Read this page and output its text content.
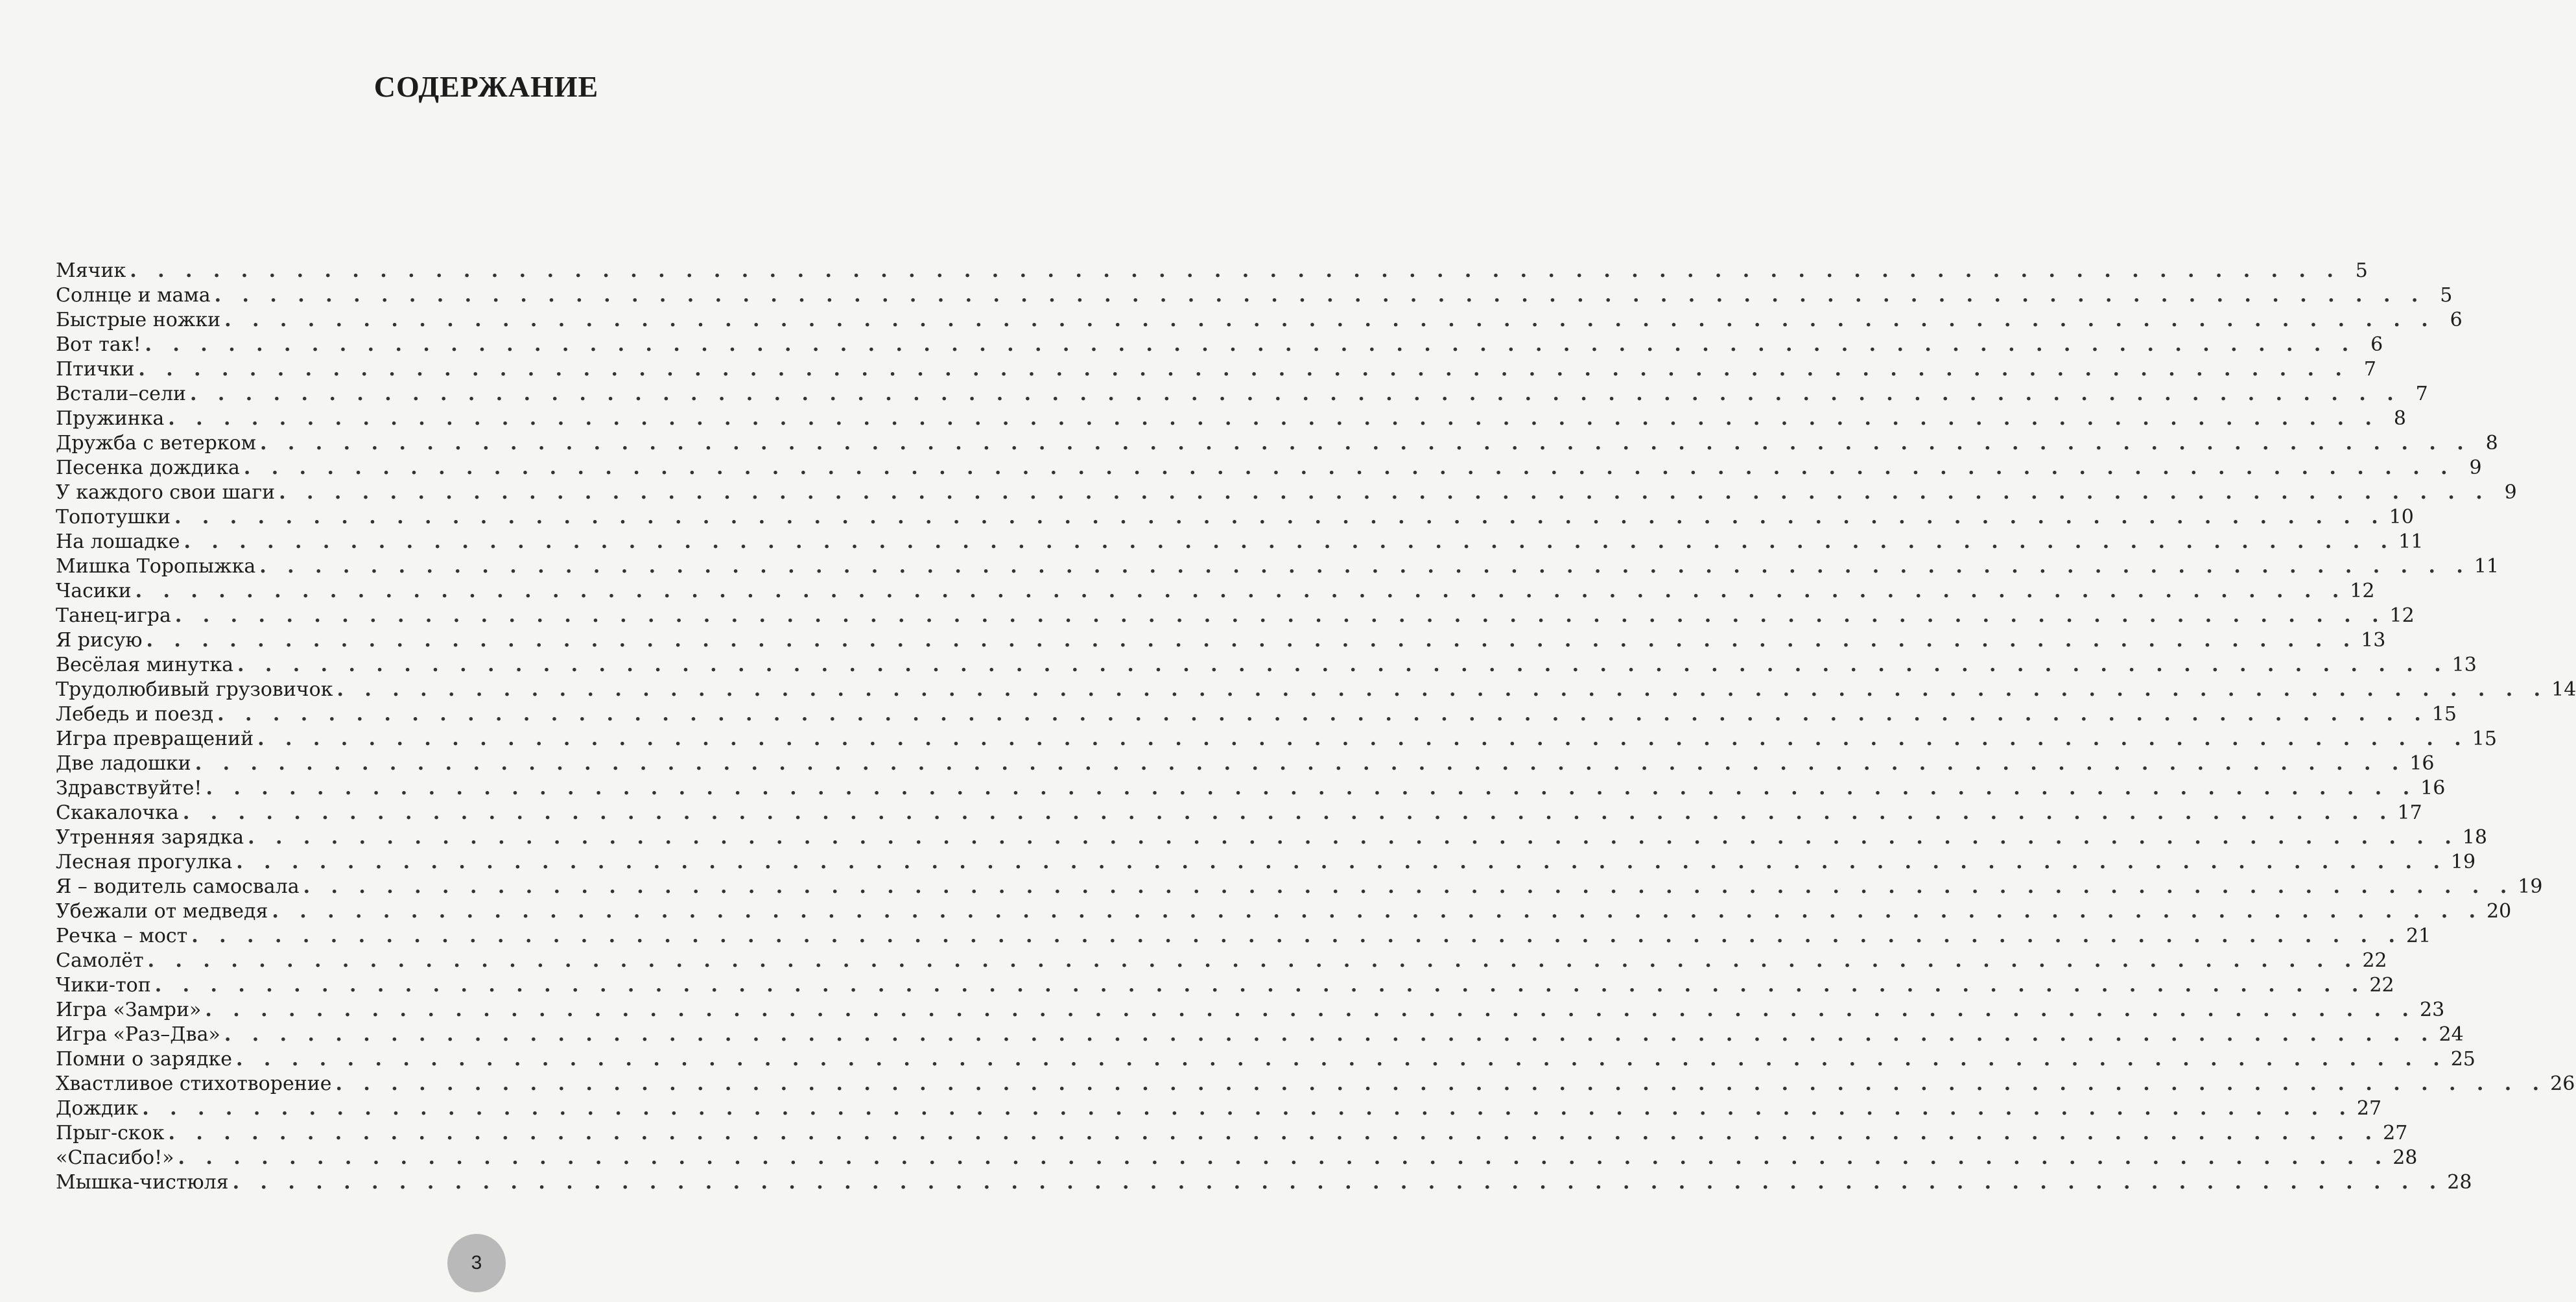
СОДЕРЖАНИЕ
Мячик . . . . . . . . . . . . . . . . . . . . . . . . . . . . . . . . . . . . . . . . . . . . . . . . . . . . . . . . . . . . . . . . . . . . . . . . . . . . . . . . 5
Солнце и мама . . . . . . . . . . . . . . . . . . . . . . . . . . . . . . . . . . . . . . . . . . . . . . . . . . . . . . . . . . . . . . . . . . . . . . . . . . . . . . . . 5
Быстрые ножки . . . . . . . . . . . . . . . . . . . . . . . . . . . . . . . . . . . . . . . . . . . . . . . . . . . . . . . . . . . . . . . . . . . . . . . . . . . . . . . . 6
Вот так! . . . . . . . . . . . . . . . . . . . . . . . . . . . . . . . . . . . . . . . . . . . . . . . . . . . . . . . . . . . . . . . . . . . . . . . . . . . . . . . . 6
Птички . . . . . . . . . . . . . . . . . . . . . . . . . . . . . . . . . . . . . . . . . . . . . . . . . . . . . . . . . . . . . . . . . . . . . . . . . . . . . . . . 7
Встали–сели . . . . . . . . . . . . . . . . . . . . . . . . . . . . . . . . . . . . . . . . . . . . . . . . . . . . . . . . . . . . . . . . . . . . . . . . . . . . . . . . 7
Пружинка . . . . . . . . . . . . . . . . . . . . . . . . . . . . . . . . . . . . . . . . . . . . . . . . . . . . . . . . . . . . . . . . . . . . . . . . . . . . . . . . 8
Дружба с ветерком . . . . . . . . . . . . . . . . . . . . . . . . . . . . . . . . . . . . . . . . . . . . . . . . . . . . . . . . . . . . . . . . . . . . . . . . . . . . . . . . 8
Песенка дождика . . . . . . . . . . . . . . . . . . . . . . . . . . . . . . . . . . . . . . . . . . . . . . . . . . . . . . . . . . . . . . . . . . . . . . . . . . . . . . . . 9
У каждого свои шаги . . . . . . . . . . . . . . . . . . . . . . . . . . . . . . . . . . . . . . . . . . . . . . . . . . . . . . . . . . . . . . . . . . . . . . . . . . . . . . . . 9
Топотушки . . . . . . . . . . . . . . . . . . . . . . . . . . . . . . . . . . . . . . . . . . . . . . . . . . . . . . . . . . . . . . . . . . . . . . . . . . . . . . . . 10
На лошадке . . . . . . . . . . . . . . . . . . . . . . . . . . . . . . . . . . . . . . . . . . . . . . . . . . . . . . . . . . . . . . . . . . . . . . . . . . . . . . . . 11
Мишка Торопыжка . . . . . . . . . . . . . . . . . . . . . . . . . . . . . . . . . . . . . . . . . . . . . . . . . . . . . . . . . . . . . . . . . . . . . . . . . . . . . . . . 11
Часики . . . . . . . . . . . . . . . . . . . . . . . . . . . . . . . . . . . . . . . . . . . . . . . . . . . . . . . . . . . . . . . . . . . . . . . . . . . . . . . . 12
Танец-игра . . . . . . . . . . . . . . . . . . . . . . . . . . . . . . . . . . . . . . . . . . . . . . . . . . . . . . . . . . . . . . . . . . . . . . . . . . . . . . . . 12
Я рисую . . . . . . . . . . . . . . . . . . . . . . . . . . . . . . . . . . . . . . . . . . . . . . . . . . . . . . . . . . . . . . . . . . . . . . . . . . . . . . . . 13
Весёлая минутка . . . . . . . . . . . . . . . . . . . . . . . . . . . . . . . . . . . . . . . . . . . . . . . . . . . . . . . . . . . . . . . . . . . . . . . . . . . . . . . . 13
Трудолюбивый грузовичок . . . . . . . . . . . . . . . . . . . . . . . . . . . . . . . . . . . . . . . . . . . . . . . . . . . . . . . . . . . . . . . . . . . . . . . . . . . . . . . . 14
Лебедь и поезд . . . . . . . . . . . . . . . . . . . . . . . . . . . . . . . . . . . . . . . . . . . . . . . . . . . . . . . . . . . . . . . . . . . . . . . . . . . . . . . . 15
Игра превращений . . . . . . . . . . . . . . . . . . . . . . . . . . . . . . . . . . . . . . . . . . . . . . . . . . . . . . . . . . . . . . . . . . . . . . . . . . . . . . . . 15
Две ладошки . . . . . . . . . . . . . . . . . . . . . . . . . . . . . . . . . . . . . . . . . . . . . . . . . . . . . . . . . . . . . . . . . . . . . . . . . . . . . . . . 16
Здравствуйте! . . . . . . . . . . . . . . . . . . . . . . . . . . . . . . . . . . . . . . . . . . . . . . . . . . . . . . . . . . . . . . . . . . . . . . . . . . . . . . . . 16
Скакалочка . . . . . . . . . . . . . . . . . . . . . . . . . . . . . . . . . . . . . . . . . . . . . . . . . . . . . . . . . . . . . . . . . . . . . . . . . . . . . . . . 17
Утренняя зарядка . . . . . . . . . . . . . . . . . . . . . . . . . . . . . . . . . . . . . . . . . . . . . . . . . . . . . . . . . . . . . . . . . . . . . . . . . . . . . . . . 18
Лесная прогулка . . . . . . . . . . . . . . . . . . . . . . . . . . . . . . . . . . . . . . . . . . . . . . . . . . . . . . . . . . . . . . . . . . . . . . . . . . . . . . . . 19
Я – водитель самосвала . . . . . . . . . . . . . . . . . . . . . . . . . . . . . . . . . . . . . . . . . . . . . . . . . . . . . . . . . . . . . . . . . . . . . . . . . . . . . . . . 19
Убежали от медведя . . . . . . . . . . . . . . . . . . . . . . . . . . . . . . . . . . . . . . . . . . . . . . . . . . . . . . . . . . . . . . . . . . . . . . . . . . . . . . . . 20
Речка – мост . . . . . . . . . . . . . . . . . . . . . . . . . . . . . . . . . . . . . . . . . . . . . . . . . . . . . . . . . . . . . . . . . . . . . . . . . . . . . . . . 21
Самолёт . . . . . . . . . . . . . . . . . . . . . . . . . . . . . . . . . . . . . . . . . . . . . . . . . . . . . . . . . . . . . . . . . . . . . . . . . . . . . . . . 22
Чики-топ . . . . . . . . . . . . . . . . . . . . . . . . . . . . . . . . . . . . . . . . . . . . . . . . . . . . . . . . . . . . . . . . . . . . . . . . . . . . . . . . 22
Игра «Замри» . . . . . . . . . . . . . . . . . . . . . . . . . . . . . . . . . . . . . . . . . . . . . . . . . . . . . . . . . . . . . . . . . . . . . . . . . . . . . . . . 23
Игра «Раз–Два» . . . . . . . . . . . . . . . . . . . . . . . . . . . . . . . . . . . . . . . . . . . . . . . . . . . . . . . . . . . . . . . . . . . . . . . . . . . . . . . . 24
Помни о зарядке . . . . . . . . . . . . . . . . . . . . . . . . . . . . . . . . . . . . . . . . . . . . . . . . . . . . . . . . . . . . . . . . . . . . . . . . . . . . . . . . 25
Хвастливое стихотворение . . . . . . . . . . . . . . . . . . . . . . . . . . . . . . . . . . . . . . . . . . . . . . . . . . . . . . . . . . . . . . . . . . . . . . . . . . . . . . . . 26
Дождик . . . . . . . . . . . . . . . . . . . . . . . . . . . . . . . . . . . . . . . . . . . . . . . . . . . . . . . . . . . . . . . . . . . . . . . . . . . . . . . . 27
Прыг-скок . . . . . . . . . . . . . . . . . . . . . . . . . . . . . . . . . . . . . . . . . . . . . . . . . . . . . . . . . . . . . . . . . . . . . . . . . . . . . . . . 27
«Спасибо!» . . . . . . . . . . . . . . . . . . . . . . . . . . . . . . . . . . . . . . . . . . . . . . . . . . . . . . . . . . . . . . . . . . . . . . . . . . . . . . . . 28
Мышка-чистюля . . . . . . . . . . . . . . . . . . . . . . . . . . . . . . . . . . . . . . . . . . . . . . . . . . . . . . . . . . . . . . . . . . . . . . . . . . . . . . . . 28
3
